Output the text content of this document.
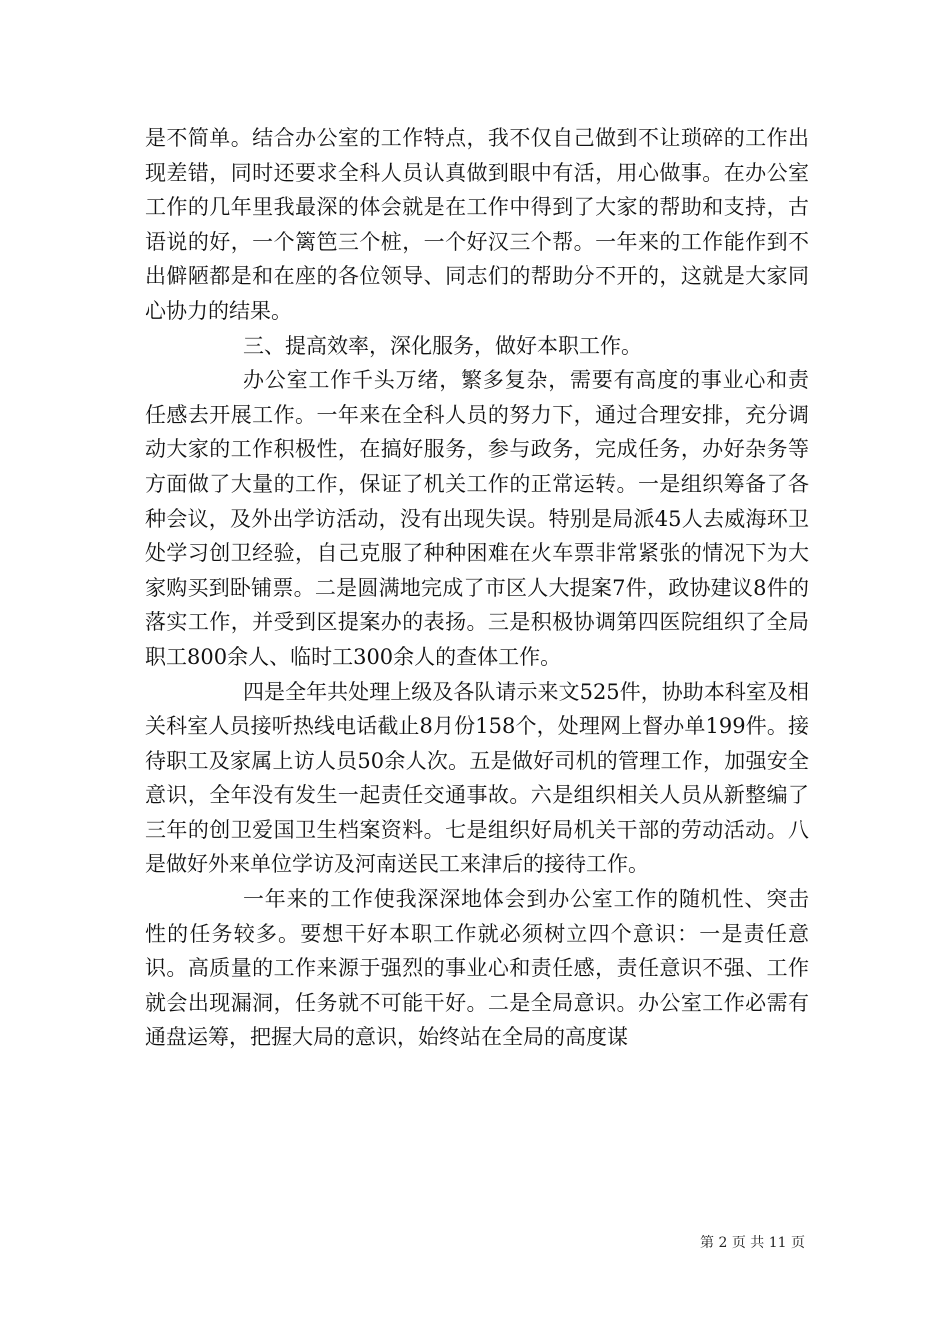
是不简单。结合办公室的工作特点，我不仅自己做到不让琐碎的工作出现差错，同时还要求全科人员认真做到眼中有活，用心做事。在办公室工作的几年里我最深的体会就是在工作中得到了大家的帮助和支持，古语说的好，一个篱笆三个桩，一个好汉三个帮。一年来的工作能作到不出僻陋都是和在座的各位领导、同志们的帮助分不开的，这就是大家同心协力的结果。

三、提高效率，深化服务，做好本职工作。

办公室工作千头万绪，繁多复杂，需要有高度的事业心和责任感去开展工作。一年来在全科人员的努力下，通过合理安排，充分调动大家的工作积极性，在搞好服务，参与政务，完成任务，办好杂务等方面做了大量的工作，保证了机关工作的正常运转。一是组织筹备了各种会议，及外出学访活动，没有出现失误。特别是局派45人去威海环卫处学习创卫经验，自己克服了种种困难在火车票非常紧张的情况下为大家购买到卧铺票。二是圆满地完成了市区人大提案7件，政协建议8件的落实工作，并受到区提案办的表扬。三是积极协调第四医院组织了全局职工800余人、临时工300余人的查体工作。

四是全年共处理上级及各队请示来文525件，协助本科室及相关科室人员接听热线电话截止8月份158个，处理网上督办单199件。接待职工及家属上访人员50余人次。五是做好司机的管理工作，加强安全意识，全年没有发生一起责任交通事故。六是组织相关人员从新整编了三年的创卫爱国卫生档案资料。七是组织好局机关干部的劳动活动。八是做好外来单位学访及河南送民工来津后的接待工作。

一年来的工作使我深深地体会到办公室工作的随机性、突击性的任务较多。要想干好本职工作就必须树立四个意识：一是责任意识。高质量的工作来源于强烈的事业心和责任感，责任意识不强、工作就会出现漏洞，任务就不可能干好。二是全局意识。办公室工作必需有通盘运筹，把握大局的意识，始终站在全局的高度谋

第 2 页 共 11 页
